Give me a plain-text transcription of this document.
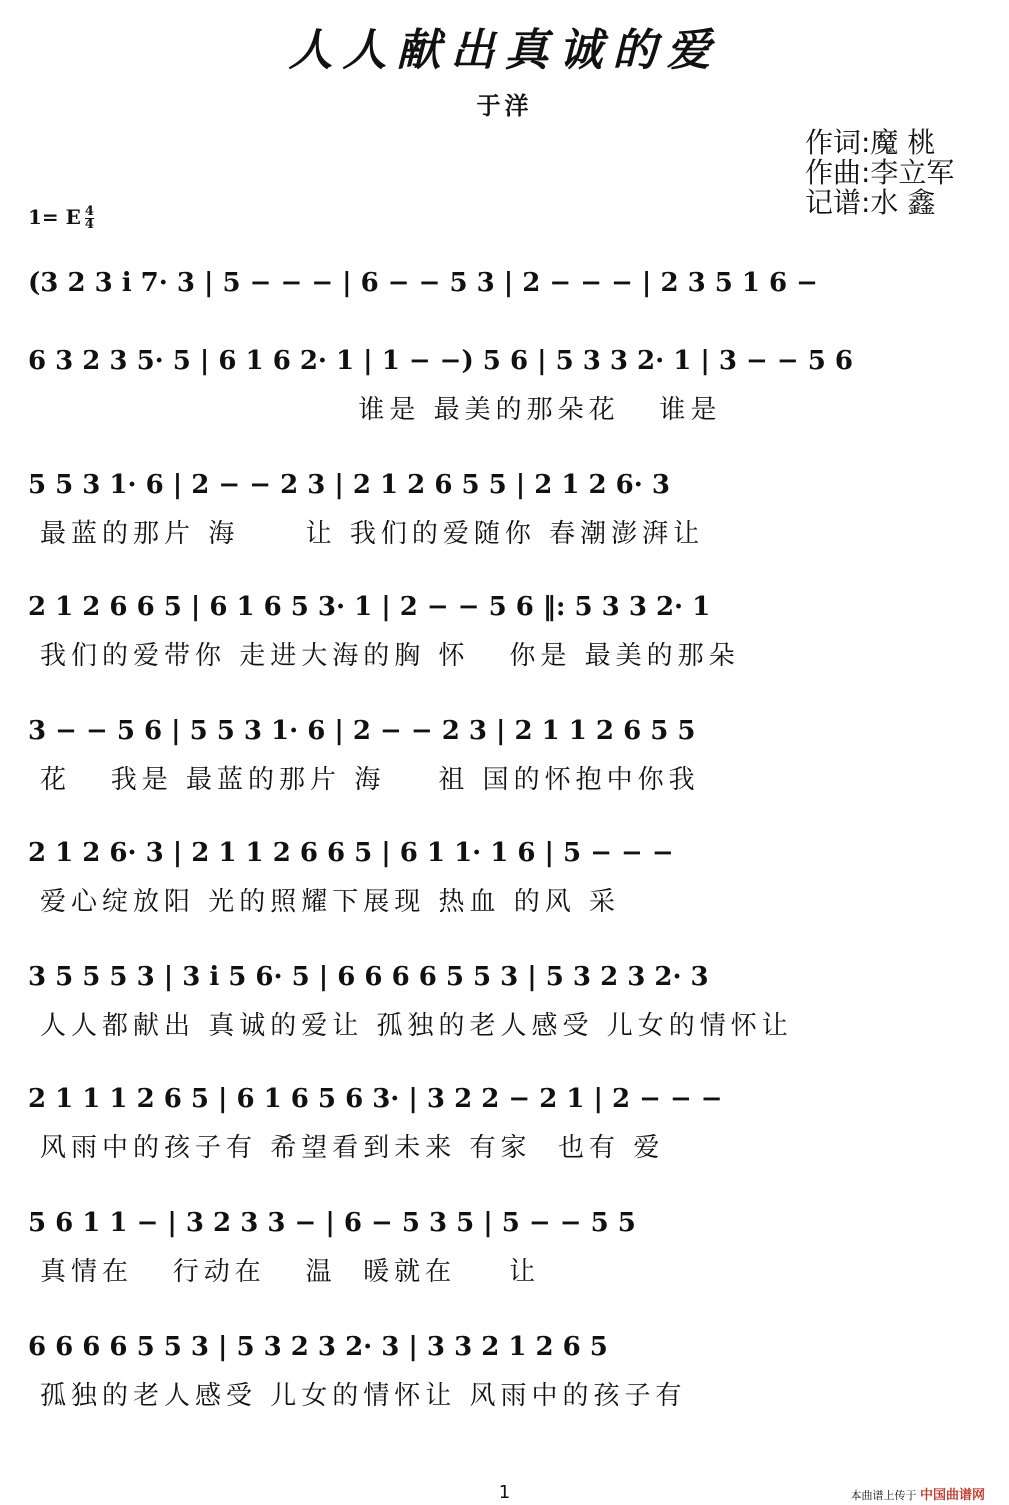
人人献出真诚的爱
于洋
作词:魔 桃
作曲:李立军
记谱:水 鑫
1= E $\frac{4}{4}$
(3 2 3 i 7· 3 | 5 − − − | 6 − − 5 3 | 2 − − − | 2 3 5 1 6 −
6 3 2 3 5· 5 | 6 1 6 2· 1 | 1 − −) 5 6 | 5 3 3 2· 1 | 3 − − 5 6
谁是 最美的那朵花   谁是
5 5 3 1· 6 | 2 − − 2 3 | 2 1 2 6 5 5 | 2 1 2 6· 3
最蓝的那片 海     让 我们的爱随你 春潮澎湃让
2 1 2 6 6 5 | 6 1 6 5 3· 1 | 2 − − 5 6 ‖: 5 3 3 2· 1
我们的爱带你 走进大海的胸 怀   你是 最美的那朵
3 − − 5 6 | 5 5 3 1· 6 | 2 − − 2 3 | 2 1 1 2 6 5 5
花   我是 最蓝的那片 海    祖 国的怀抱中你我
2 1 2 6· 3 | 2 1 1 2 6 6 5 | 6 1 1· 1 6 | 5 − − −
爱心绽放阳 光的照耀下展现 热血 的风 采
3 5 5 5 3 | 3 i 5 6· 5 | 6 6 6 6 5 5 3 | 5 3 2 3 2· 3
人人都献出 真诚的爱让 孤独的老人感受 儿女的情怀让
2 1 1 1 2 6 5 | 6 1 6 5 6 3· | 3 2 2 − 2 1 | 2 − − −
风雨中的孩子有 希望看到未来 有家  也有 爱
5 6 1 1 − | 3 2 3 3 − | 6 − 5 3 5 | 5 − − 5 5
真情在   行动在   温  暖就在    让
6 6 6 6 5 5 3 | 5 3 2 3 2· 3 | 3 3 2 1 2 6 5
孤独的老人感受 儿女的情怀让 风雨中的孩子有
1	本曲谱上传于 中国曲谱网
